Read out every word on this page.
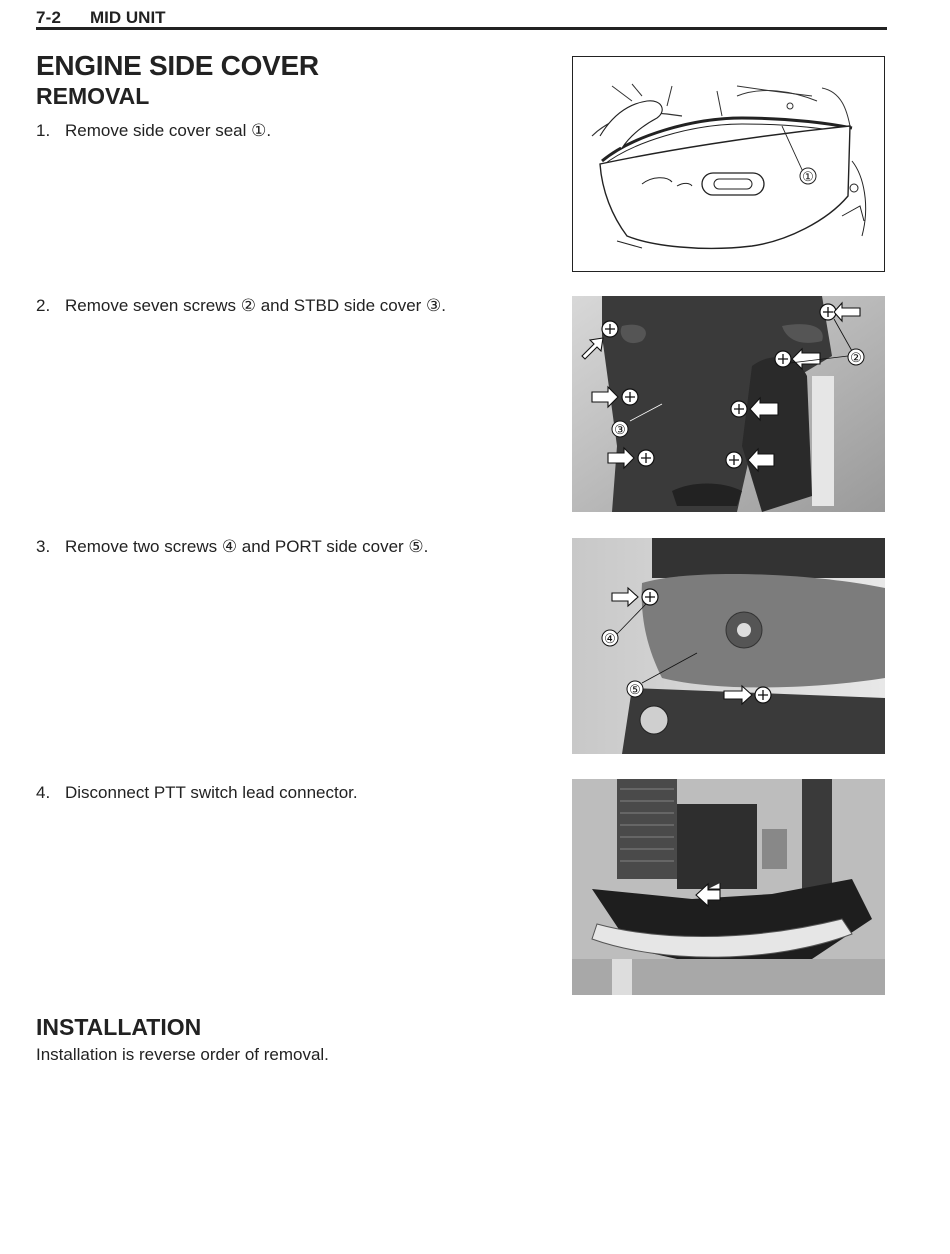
7-2 MID UNIT
ENGINE SIDE COVER
REMOVAL
1. Remove side cover seal ①.
2. Remove seven screws ② and STBD side cover ③.
3. Remove two screws ④ and PORT side cover ⑤.
4. Disconnect PTT switch lead connector.
①
②
③
④
⑤
INSTALLATION
Installation is reverse order of removal.
